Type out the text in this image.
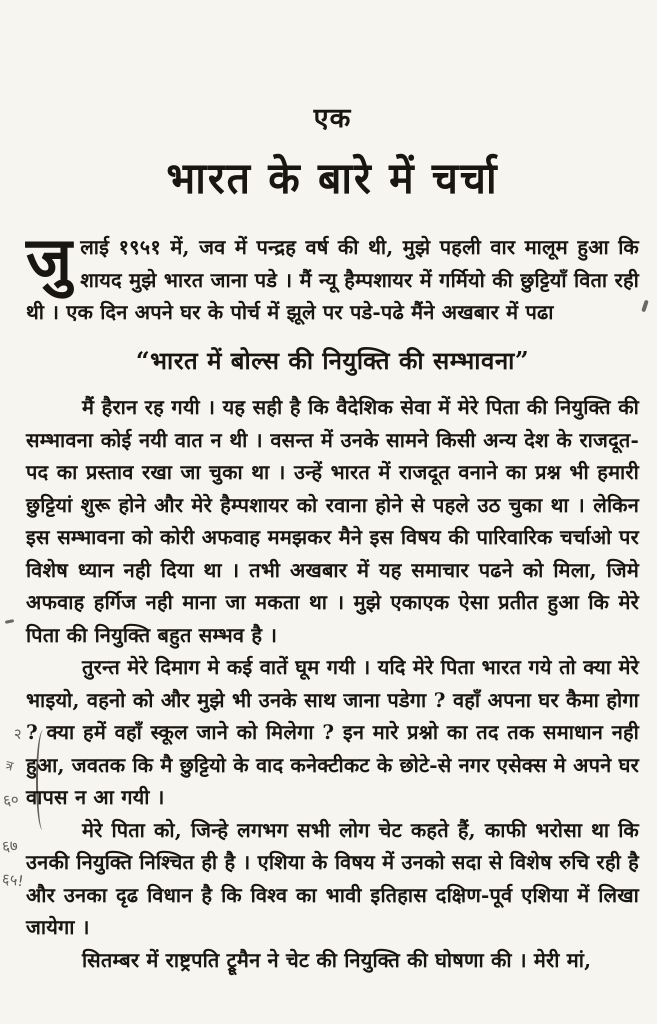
२
त्र
६०
६७
६५!
एक
भारत के बारे में चर्चा

जुलाई १९५१ में, जव में पन्द्रह वर्ष की थी, मुझे पहली वार मालूम हुआ कि शायद मुझे भारत जाना पडे । मैं न्यू हैम्पशायर में गर्मियो की छुट्टियाँ विता रही थी । एक दिन अपने घर के पोर्च में झूले पर पडे-पढे मैंने अखबार में पढा

“भारत में बोल्स की नियुक्ति की सम्भावना”

मैं हैरान रह गयी । यह सही है कि वैदेशिक सेवा में मेरे पिता की नियुक्ति की सम्भावना कोई नयी वात न थी । वसन्त में उनके सामने किसी अन्य देश के राजदूत-पद का प्रस्ताव रखा जा चुका था । उन्हें भारत में राजदूत वनाने का प्रश्न भी हमारी छुट्टियां शुरू होने और मेरे हैम्पशायर को रवाना होने से पहले उठ चुका था । लेकिन इस सम्भावना को कोरी अफवाह ममझकर मैने इस विषय की पारिवारिक चर्चाओ पर विशेष ध्यान नही दिया था । तभी अखबार में यह समाचार पढने को मिला, जिमे अफवाह हर्गिज नही माना जा मकता था । मुझे एकाएक ऐसा प्रतीत हुआ कि मेरे पिता की नियुक्ति बहुत सम्भव है ।

तुरन्त मेरे दिमाग मे कई वातें घूम गयी । यदि मेरे पिता भारत गये तो क्या मेरे भाइयो, वहनो को और मुझे भी उनके साथ जाना पडेगा ? वहाँ अपना घर कैमा होगा ? क्या हमें वहाँ स्कूल जाने को मिलेगा ? इन मारे प्रश्नो का तद तक समाधान नही हुआ, जवतक कि मै छुट्टियो के वाद कनेक्टीकट के छोटे-से नगर एसेक्स मे अपने घर वापस न आ गयी ।

मेरे पिता को, जिन्हे लगभग सभी लोग चेट कहते हैं, काफी भरोसा था कि उनकी नियुक्ति निश्चित ही है । एशिया के विषय में उनको सदा से विशेष रुचि रही है और उनका दृढ विधान है कि विश्व का भावी इतिहास दक्षिण-पूर्व एशिया में लिखा जायेगा ।

सितम्बर में राष्ट्रपति ट्रूमैन ने चेट की नियुक्ति की घोषणा की । मेरी मां,
